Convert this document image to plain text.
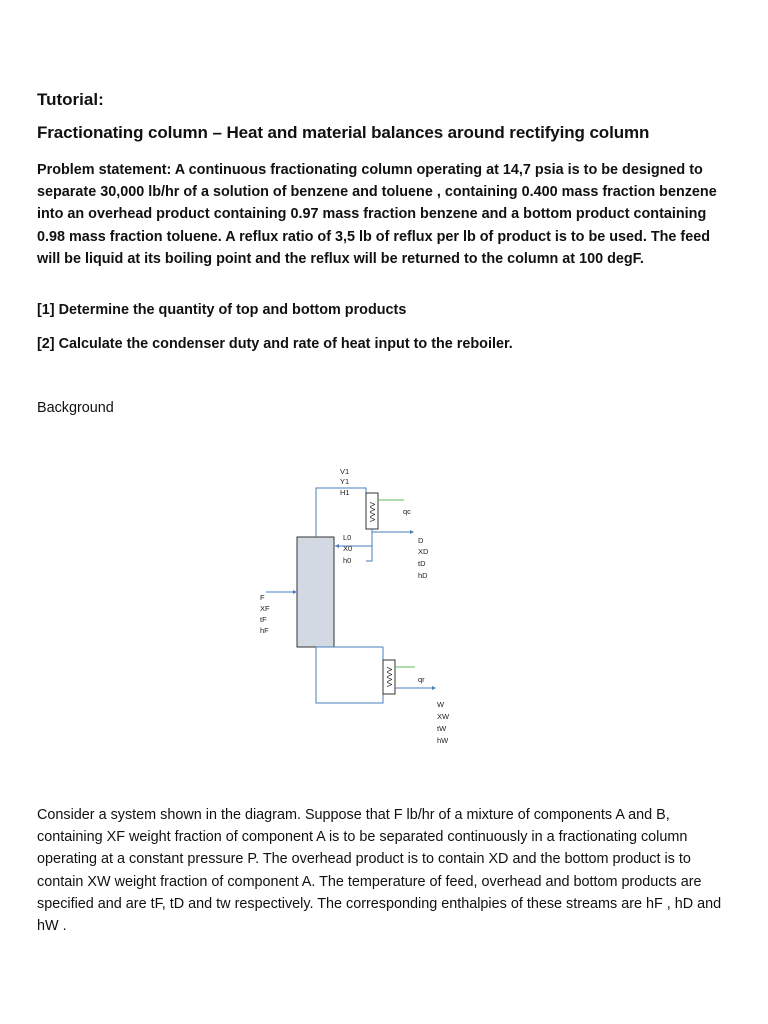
Tutorial:

Fractionating column – Heat and material balances around rectifying column

Problem statement: A continuous fractionating column operating at 14,7 psia is to be designed to separate 30,000 lb/hr of a solution of benzene and toluene , containing 0.400 mass fraction benzene into an overhead product containing 0.97 mass fraction benzene and a bottom product containing 0.98 mass fraction toluene. A reflux ratio of 3,5 lb of reflux per lb of product is to be used. The feed will be liquid at its boiling point and the reflux will be returned to the column at 100 degF.

[1] Determine the quantity of top and bottom products

[2] Calculate the condenser duty and rate of heat input to the reboiler.

Background

VVVV	qc
VVVV	qr
V1
Y1
H1
L0
X0
h0
D
XD
tD
hD
F
XF
tF
hF
W
XW
tW
hW

Consider a system shown in the diagram. Suppose that F lb/hr of a mixture of components A and B, containing XF weight fraction of component A is to be separated continuously in a fractionating column operating at a constant pressure P. The overhead product is to contain XD and the bottom product is to contain XW weight fraction of component A. The temperature of feed, overhead and bottom products are specified and are tF, tD and tw respectively. The corresponding enthalpies of these streams are hF , hD and hW .
